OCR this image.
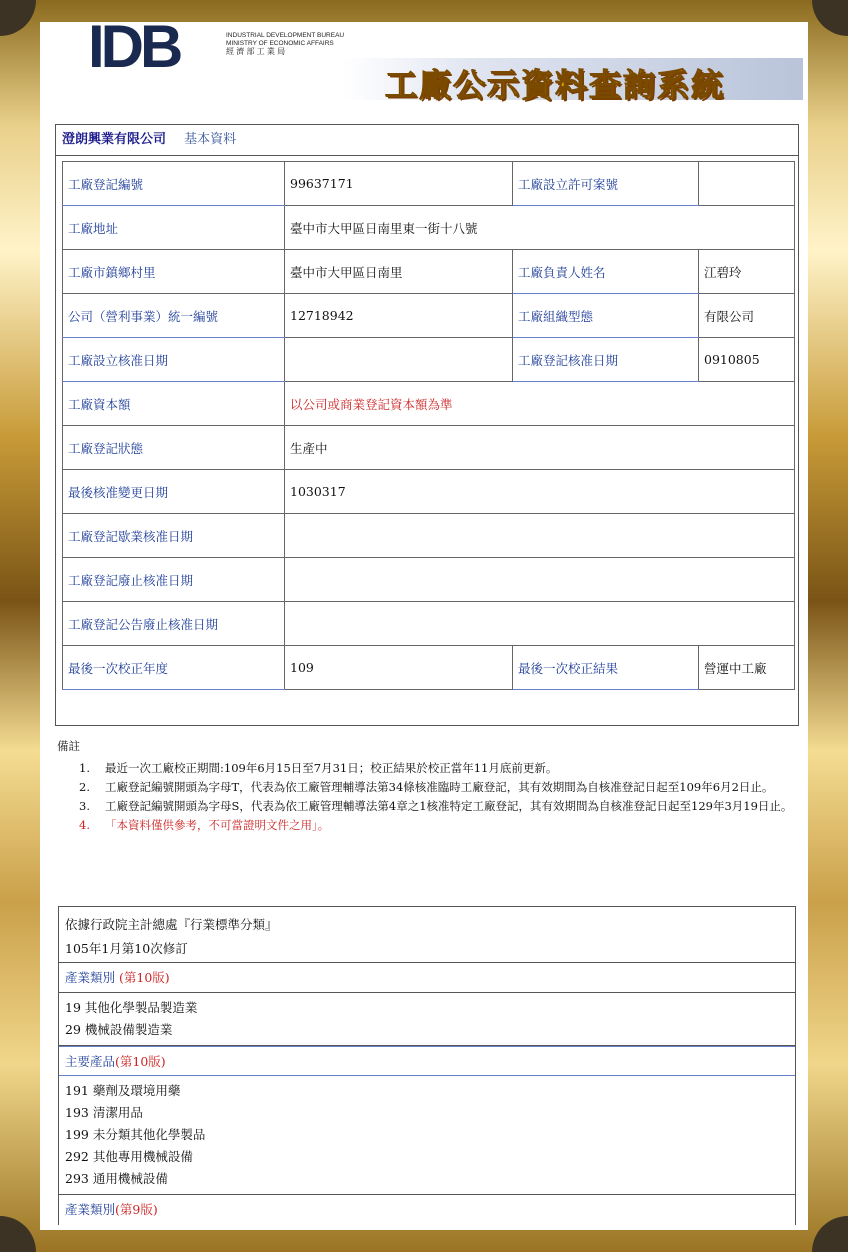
IDB	INDUSTRIAL DEVELOPMENT BUREAU
MINISTRY OF ECONOMIC AFFAIRS
經 濟 部 工 業 局
工廠公示資料查詢系統
澄朗興業有限公司 基本資料
工廠登記編號	99637171	工廠設立許可案號	
工廠地址	臺中市大甲區日南里東一街十八號		
工廠市鎮鄉村里	臺中市大甲區日南里	工廠負責人姓名	江碧玲
公司（營利事業）統一編號	12718942	工廠組織型態	有限公司
工廠設立核准日期		工廠登記核准日期	0910805
工廠資本額	以公司或商業登記資本額為準		
工廠登記狀態	生產中		
最後核准變更日期	1030317		
工廠登記歇業核准日期			
工廠登記廢止核准日期			
工廠登記公告廢止核准日期			
最後一次校正年度	109	最後一次校正結果	營運中工廠
備註
1. 最近一次工廠校正期間:109年6月15日至7月31日；校正結果於校正當年11月底前更新。
2. 工廠登記編號開頭為字母T，代表為依工廠管理輔導法第34條核准臨時工廠登記，其有效期間為自核准登記日起至109年6月2日止。
3. 工廠登記編號開頭為字母S，代表為依工廠管理輔導法第4章之1核准特定工廠登記，其有效期間為自核准登記日起至129年3月19日止。
4. 「本資料僅供參考，不可當證明文件之用」。
依據行政院主計總處『行業標準分類』
105年1月第10次修訂
產業類別 (第10版)
19 其他化學製品製造業
29 機械設備製造業
主要產品(第10版)
191 藥劑及環境用藥
193 清潔用品
199 未分類其他化學製品
292 其他專用機械設備
293 通用機械設備
產業類別(第9版)
